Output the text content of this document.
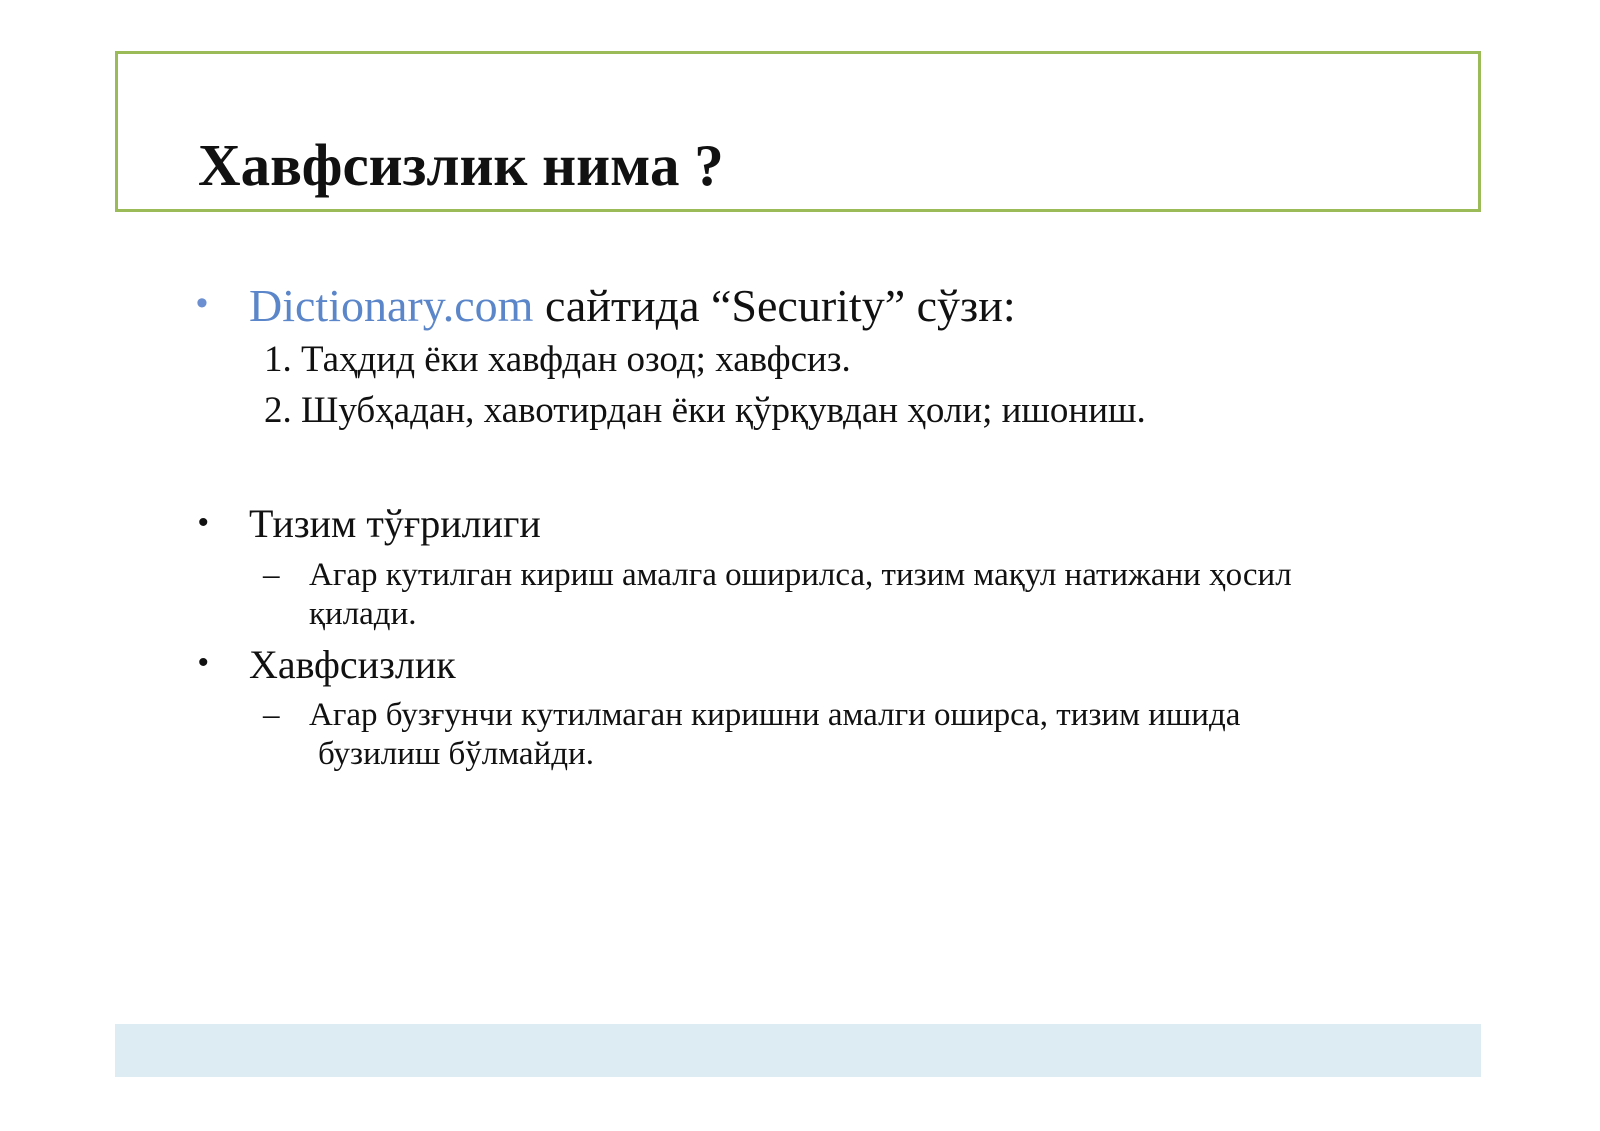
Хавфсизлик нима ?
• Dictionary.com сайтида “Security” сўзи:
1. Таҳдид ёки хавфдан озод; хавфсиз.
2. Шубҳадан, хавотирдан ёки қўрқувдан ҳоли; ишониш.
• Тизим тўғрилиги
– Агар кутилган кириш амалга оширилса, тизим мақул натижани ҳосил
қилади.
• Хавфсизлик
– Агар бузғунчи кутилмаган киришни амалги оширса, тизим ишида
бузилиш бўлмайди.
